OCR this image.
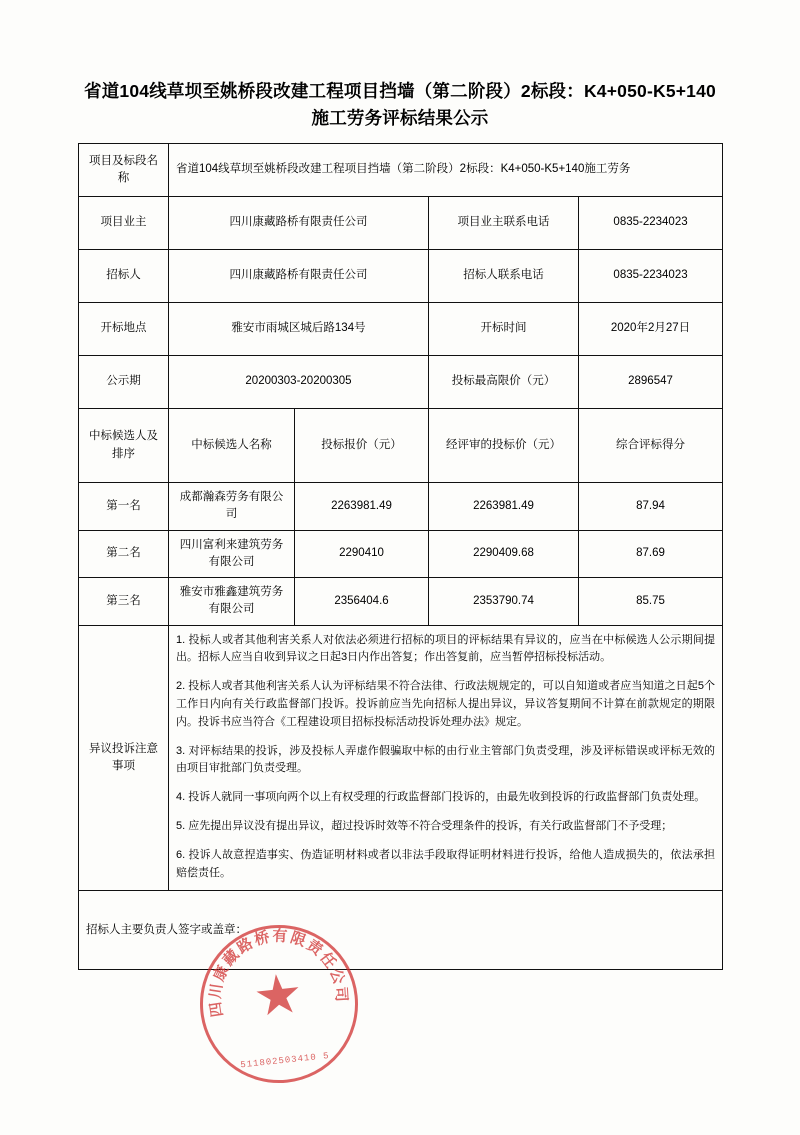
省道104线草坝至姚桥段改建工程项目挡墙（第二阶段）2标段：K4+050-K5+140施工劳务评标结果公示
项目及标段名称	省道104线草坝至姚桥段改建工程项目挡墙（第二阶段）2标段：K4+050-K5+140施工劳务			
项目业主	四川康藏路桥有限责任公司		项目业主联系电话	0835-2234023
招标人	四川康藏路桥有限责任公司		招标人联系电话	0835-2234023
开标地点	雅安市雨城区城后路134号		开标时间	2020年2月27日
公示期	20200303-20200305		投标最高限价（元）	2896547
中标候选人及排序	中标候选人名称	投标报价（元）	经评审的投标价（元）	综合评标得分
第一名	成都瀚森劳务有限公司	2263981.49	2263981.49	87.94
第二名	四川富利来建筑劳务有限公司	2290410	2290409.68	87.69
第三名	雅安市雅鑫建筑劳务有限公司	2356404.6	2353790.74	85.75
异议投诉注意事项	

1. 投标人或者其他利害关系人对依法必须进行招标的项目的评标结果有异议的，应当在中标候选人公示期间提出。招标人应当自收到异议之日起3日内作出答复；作出答复前，应当暂停招标投标活动。

2. 投标人或者其他利害关系人认为评标结果不符合法律、行政法规规定的，可以自知道或者应当知道之日起5个工作日内向有关行政监督部门投诉。投诉前应当先向招标人提出异议，异议答复期间不计算在前款规定的期限内。投诉书应当符合《工程建设项目招标投标活动投诉处理办法》规定。

3. 对评标结果的投诉，涉及投标人弄虚作假骗取中标的由行业主管部门负责受理，涉及评标错误或评标无效的由项目审批部门负责受理。

4. 投诉人就同一事项向两个以上有权受理的行政监督部门投诉的，由最先收到投诉的行政监督部门负责处理。

5. 应先提出异议没有提出异议，超过投诉时效等不符合受理条件的投诉，有关行政监督部门不予受理；

6. 投诉人故意捏造事实、伪造证明材料或者以非法手段取得证明材料进行投诉，给他人造成损失的，依法承担赔偿责任。

招标人主要负责人签字或盖章：				
四川康藏路桥有限责任公司
511802503410 5
